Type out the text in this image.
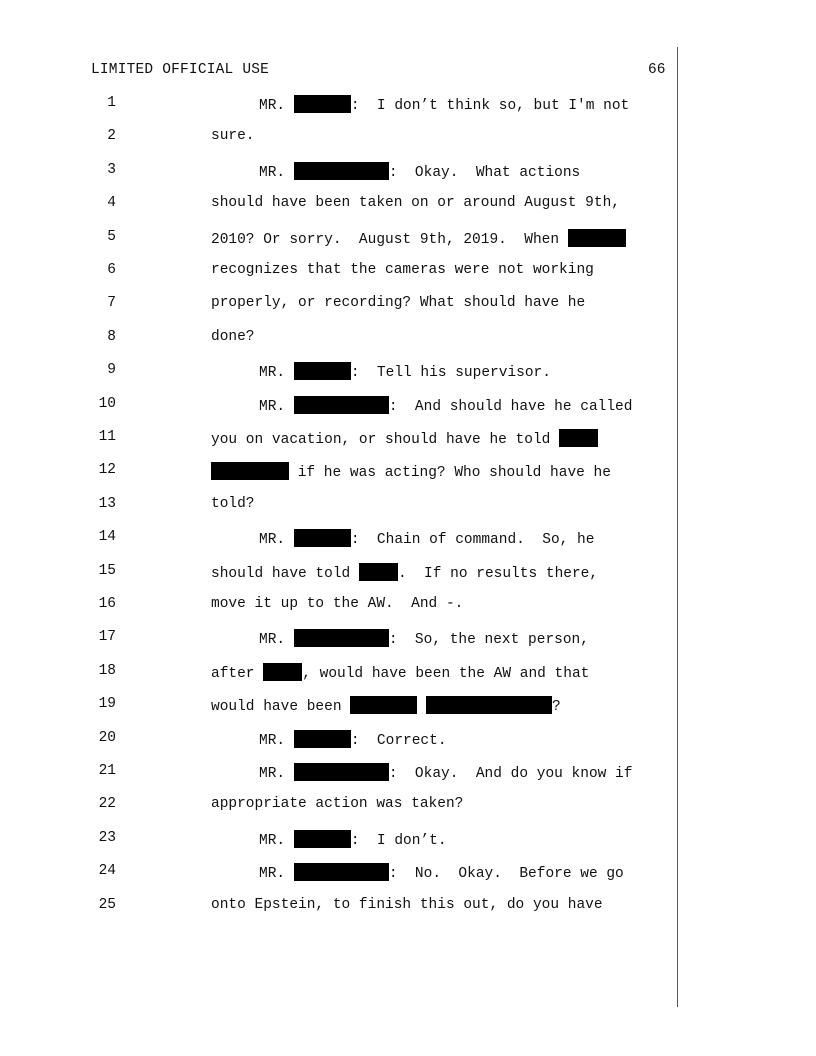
LIMITED OFFICIAL USE	66
1	MR.	:  I don’t think so, but I'm not
2	sure.
3	MR.	:  Okay.  What actions
4	should have been taken on or around August 9th,
5	2010? Or sorry.  August 9th, 2019.  When
6	recognizes that the cameras were not working
7	properly, or recording? What should have he
8	done?
9	MR.	:  Tell his supervisor.
10	MR.	:  And should have he called
11	you on vacation, or should have he told
12	if he was acting? Who should have he
13	told?
14	MR.	:  Chain of command.  So, he
15	should have told	.  If no results there,
16	move it up to the AW.  And -.
17	MR.	:  So, the next person,
18	after	, would have been the AW and that
19	would have been	?
20	MR.	:  Correct.
21	MR.	:  Okay.  And do you know if
22	appropriate action was taken?
23	MR.	:  I don’t.
24	MR.	:  No.  Okay.  Before we go
25	onto Epstein, to finish this out, do you have
